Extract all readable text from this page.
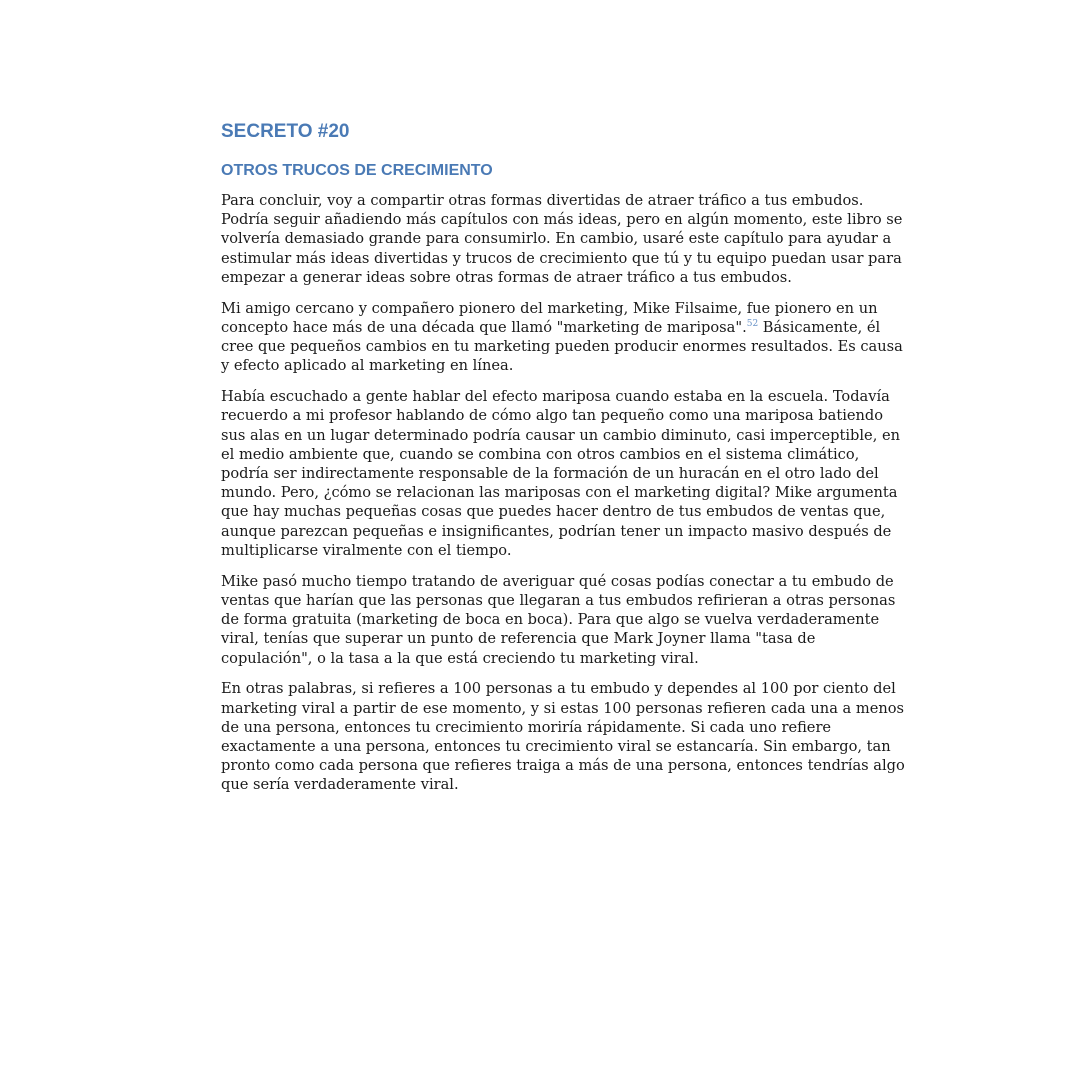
SECRETO #20
OTROS TRUCOS DE CRECIMIENTO

Para concluir, voy a compartir otras formas divertidas de atraer tráfico a tus embudos.
Podría seguir añadiendo más capítulos con más ideas, pero en algún momento, este libro se
volvería demasiado grande para consumirlo. En cambio, usaré este capítulo para ayudar a
estimular más ideas divertidas y trucos de crecimiento que tú y tu equipo puedan usar para
empezar a generar ideas sobre otras formas de atraer tráfico a tus embudos.

Mi amigo cercano y compañero pionero del marketing, Mike Filsaime, fue pionero en un
concepto hace más de una década que llamó "marketing de mariposa".$^{52}$ Básicamente, él
cree que pequeños cambios en tu marketing pueden producir enormes resultados. Es causa
y efecto aplicado al marketing en línea.

Había escuchado a gente hablar del efecto mariposa cuando estaba en la escuela. Todavía
recuerdo a mi profesor hablando de cómo algo tan pequeño como una mariposa batiendo
sus alas en un lugar determinado podría causar un cambio diminuto, casi imperceptible, en
el medio ambiente que, cuando se combina con otros cambios en el sistema climático,
podría ser indirectamente responsable de la formación de un huracán en el otro lado del
mundo. Pero, ¿cómo se relacionan las mariposas con el marketing digital? Mike argumenta
que hay muchas pequeñas cosas que puedes hacer dentro de tus embudos de ventas que,
aunque parezcan pequeñas e insignificantes, podrían tener un impacto masivo después de
multiplicarse viralmente con el tiempo.

Mike pasó mucho tiempo tratando de averiguar qué cosas podías conectar a tu embudo de
ventas que harían que las personas que llegaran a tus embudos refirieran a otras personas
de forma gratuita (marketing de boca en boca). Para que algo se vuelva verdaderamente
viral, tenías que superar un punto de referencia que Mark Joyner llama "tasa de
copulación", o la tasa a la que está creciendo tu marketing viral.

En otras palabras, si refieres a 100 personas a tu embudo y dependes al 100 por ciento del
marketing viral a partir de ese momento, y si estas 100 personas refieren cada una a menos
de una persona, entonces tu crecimiento moriría rápidamente. Si cada uno refiere
exactamente a una persona, entonces tu crecimiento viral se estancaría. Sin embargo, tan
pronto como cada persona que refieres traiga a más de una persona, entonces tendrías algo
que sería verdaderamente viral.
